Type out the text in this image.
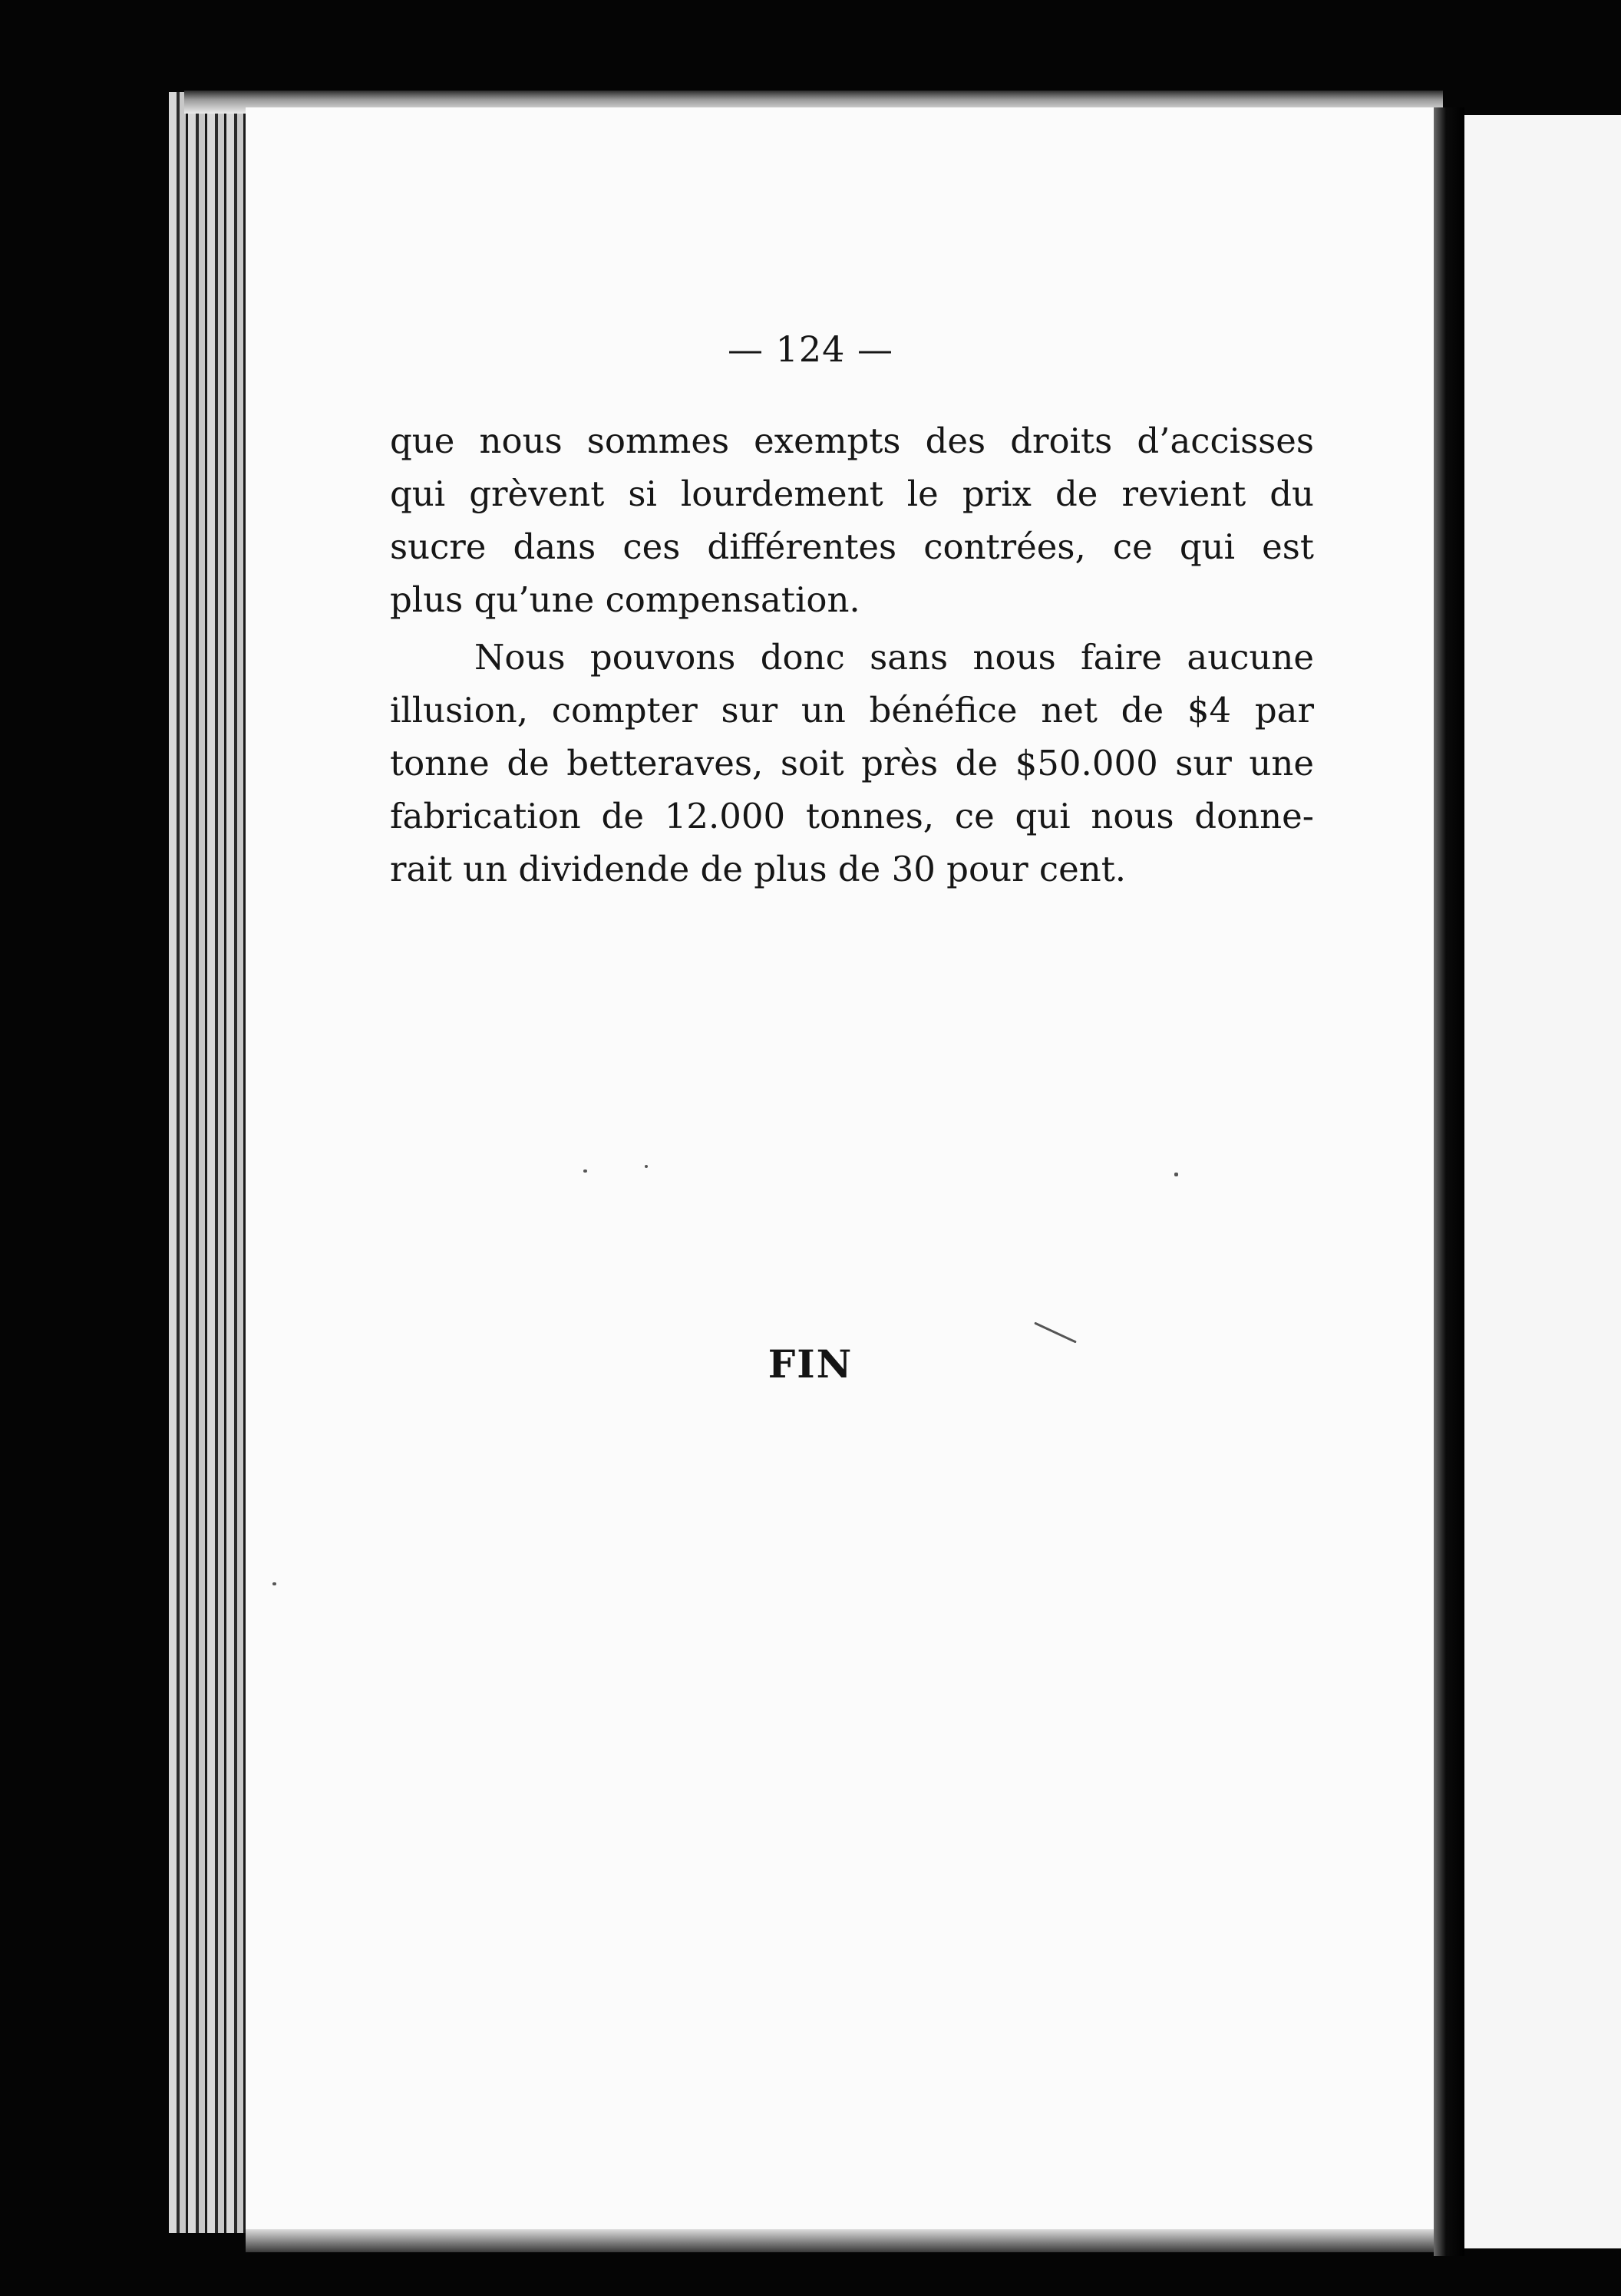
— 124 —
que nous sommes exempts des droits d’accisses
qui grèvent si lourdement le prix de revient du
sucre dans ces différentes contrées, ce qui est
plus qu’une compensation.
Nous pouvons donc sans nous faire aucune
illusion, compter sur un bénéfice net de $4 par
tonne de betteraves, soit près de $50.000 sur une
fabrication de 12.000 tonnes, ce qui nous donne-
rait un dividende de plus de 30 pour cent.
FIN
